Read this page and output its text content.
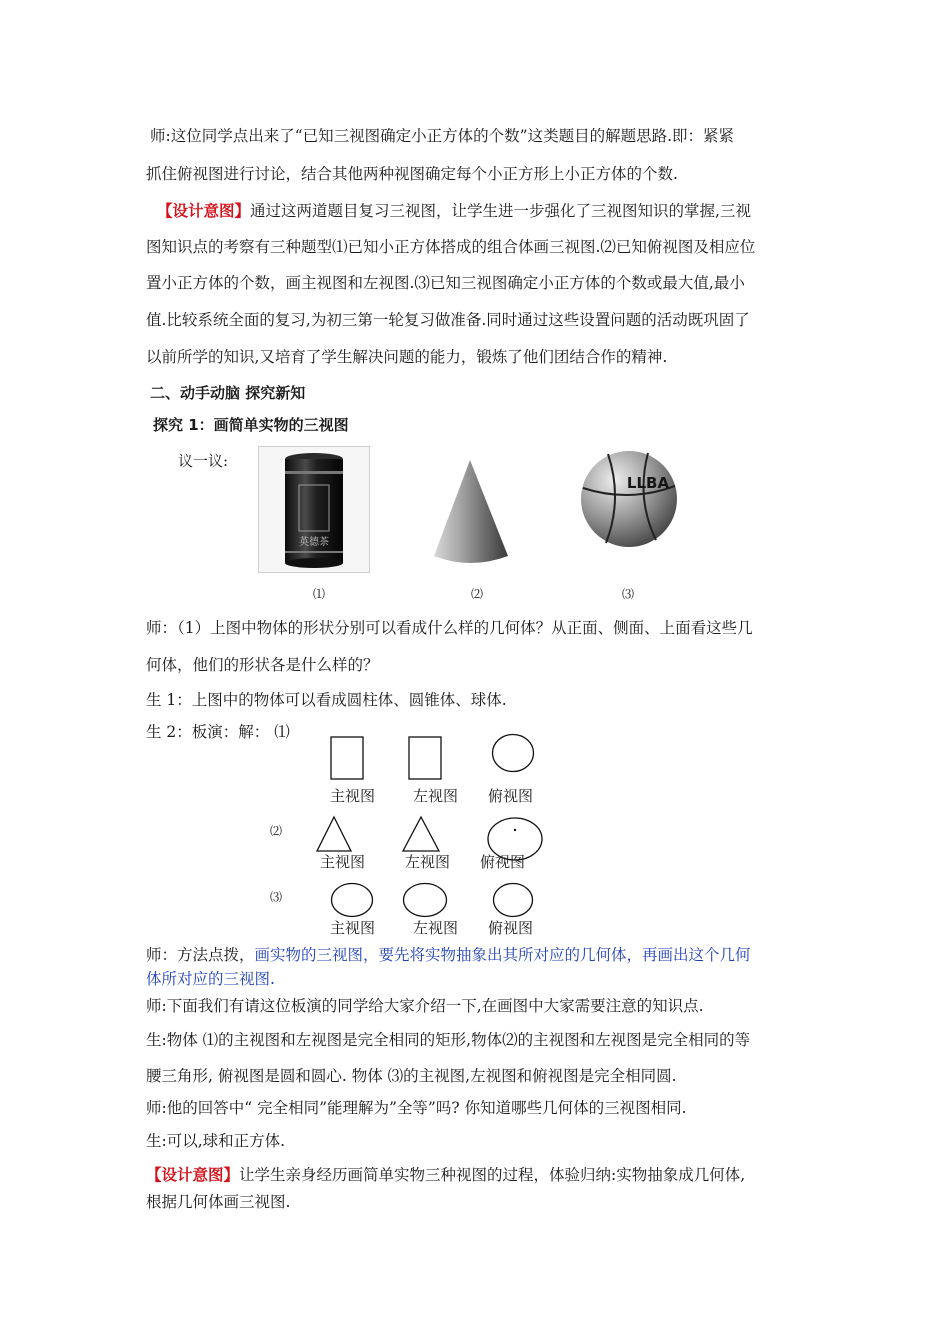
师:这位同学点出来了“已知三视图确定小正方体的个数”这类题目的解题思路.即：紧紧
抓住俯视图进行讨论，结合其他两种视图确定每个小正方形上小正方体的个数.
【设计意图】通过这两道题目复习三视图，让学生进一步强化了三视图知识的掌握,三视
图知识点的考察有三种题型⑴已知小正方体搭成的组合体画三视图.⑵已知俯视图及相应位
置小正方体的个数，画主视图和左视图.⑶已知三视图确定小正方体的个数或最大值,最小
值.比较系统全面的复习,为初三第一轮复习做准备.同时通过这些设置问题的活动既巩固了
以前所学的知识,又培育了学生解决问题的能力，锻炼了他们团结合作的精神.
二、动手动脑 探究新知
探究 1：画简单实物的三视图
议一议:
英德茶
LLBA
⑴	⑵	⑶
师：（1）上图中物体的形状分别可以看成什么样的几何体？从正面、侧面、上面看这些几
何体，他们的形状各是什么样的？
生 1：上图中的物体可以看成圆柱体、圆锥体、球体.
生 2：板演：解： ⑴
主视图	左视图 俯视图
⑵
主视图	左视图 俯视图
⑶
主视图	左视图 俯视图
师：方法点拨，画实物的三视图，要先将实物抽象出其所对应的几何体，再画出这个几何
体所对应的三视图.
师:下面我们有请这位板演的同学给大家介绍一下,在画图中大家需要注意的知识点.
生:物体 ⑴的主视图和左视图是完全相同的矩形,物体⑵的主视图和左视图是完全相同的等
腰三角形, 俯视图是圆和圆心. 物体 ⑶的主视图,左视图和俯视图是完全相同圆.
师:他的回答中“ 完全相同”能理解为”全等”吗? 你知道哪些几何体的三视图相同.
生:可以,球和正方体.
【设计意图】让学生亲身经历画简单实物三种视图的过程，体验归纳:实物抽象成几何体,
根据几何体画三视图.
